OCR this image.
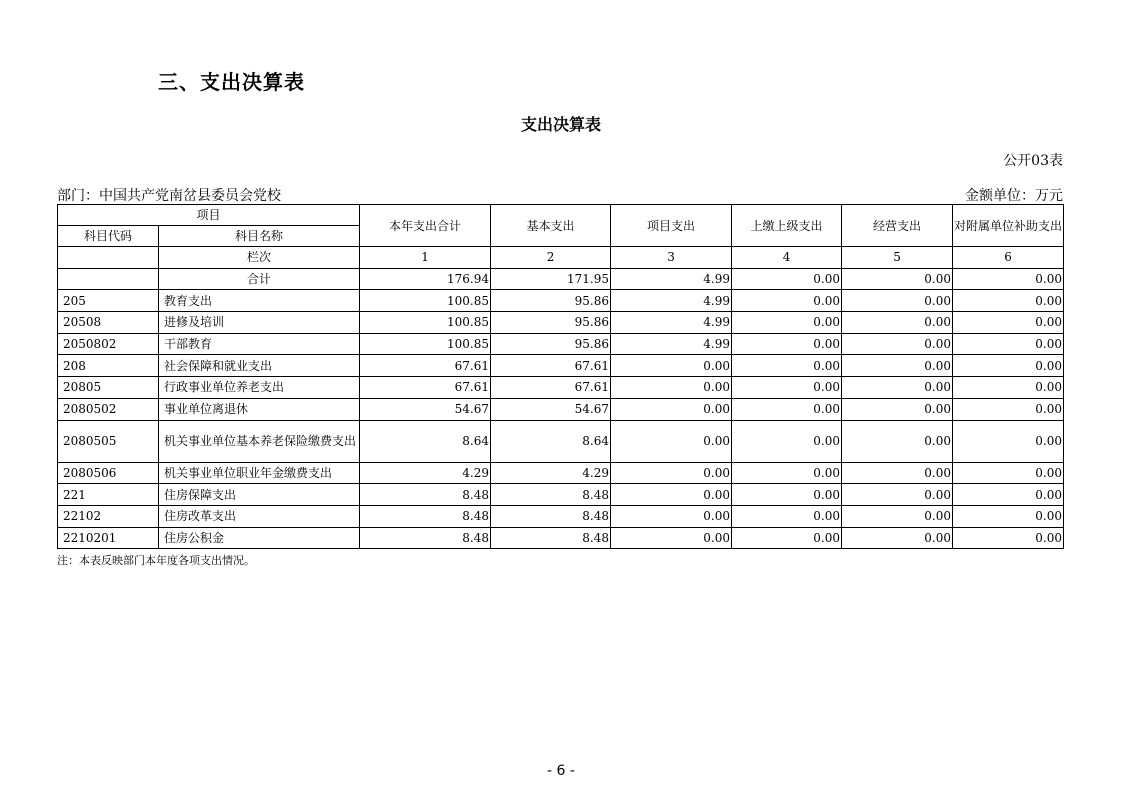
三、支出决算表
支出决算表
公开03表
部门：中国共产党南岔县委员会党校	金额单位：万元
项目		本年支出合计	基本支出	项目支出	上缴上级支出	经营支出	对附属单位补助支出
科目代码	科目名称						
	栏次	1	2	3	4	5	6
	合计	176.94	171.95	4.99	0.00	0.00	0.00
205	教育支出	100.85	95.86	4.99	0.00	0.00	0.00
20508	进修及培训	100.85	95.86	4.99	0.00	0.00	0.00
2050802	干部教育	100.85	95.86	4.99	0.00	0.00	0.00
208	社会保障和就业支出	67.61	67.61	0.00	0.00	0.00	0.00
20805	行政事业单位养老支出	67.61	67.61	0.00	0.00	0.00	0.00
2080502	事业单位离退休	54.67	54.67	0.00	0.00	0.00	0.00
2080505	机关事业单位基本养老保险缴费支出	8.64	8.64	0.00	0.00	0.00	0.00
2080506	机关事业单位职业年金缴费支出	4.29	4.29	0.00	0.00	0.00	0.00
221	住房保障支出	8.48	8.48	0.00	0.00	0.00	0.00
22102	住房改革支出	8.48	8.48	0.00	0.00	0.00	0.00
2210201	住房公积金	8.48	8.48	0.00	0.00	0.00	0.00
注：本表反映部门本年度各项支出情况。
- 6 -
